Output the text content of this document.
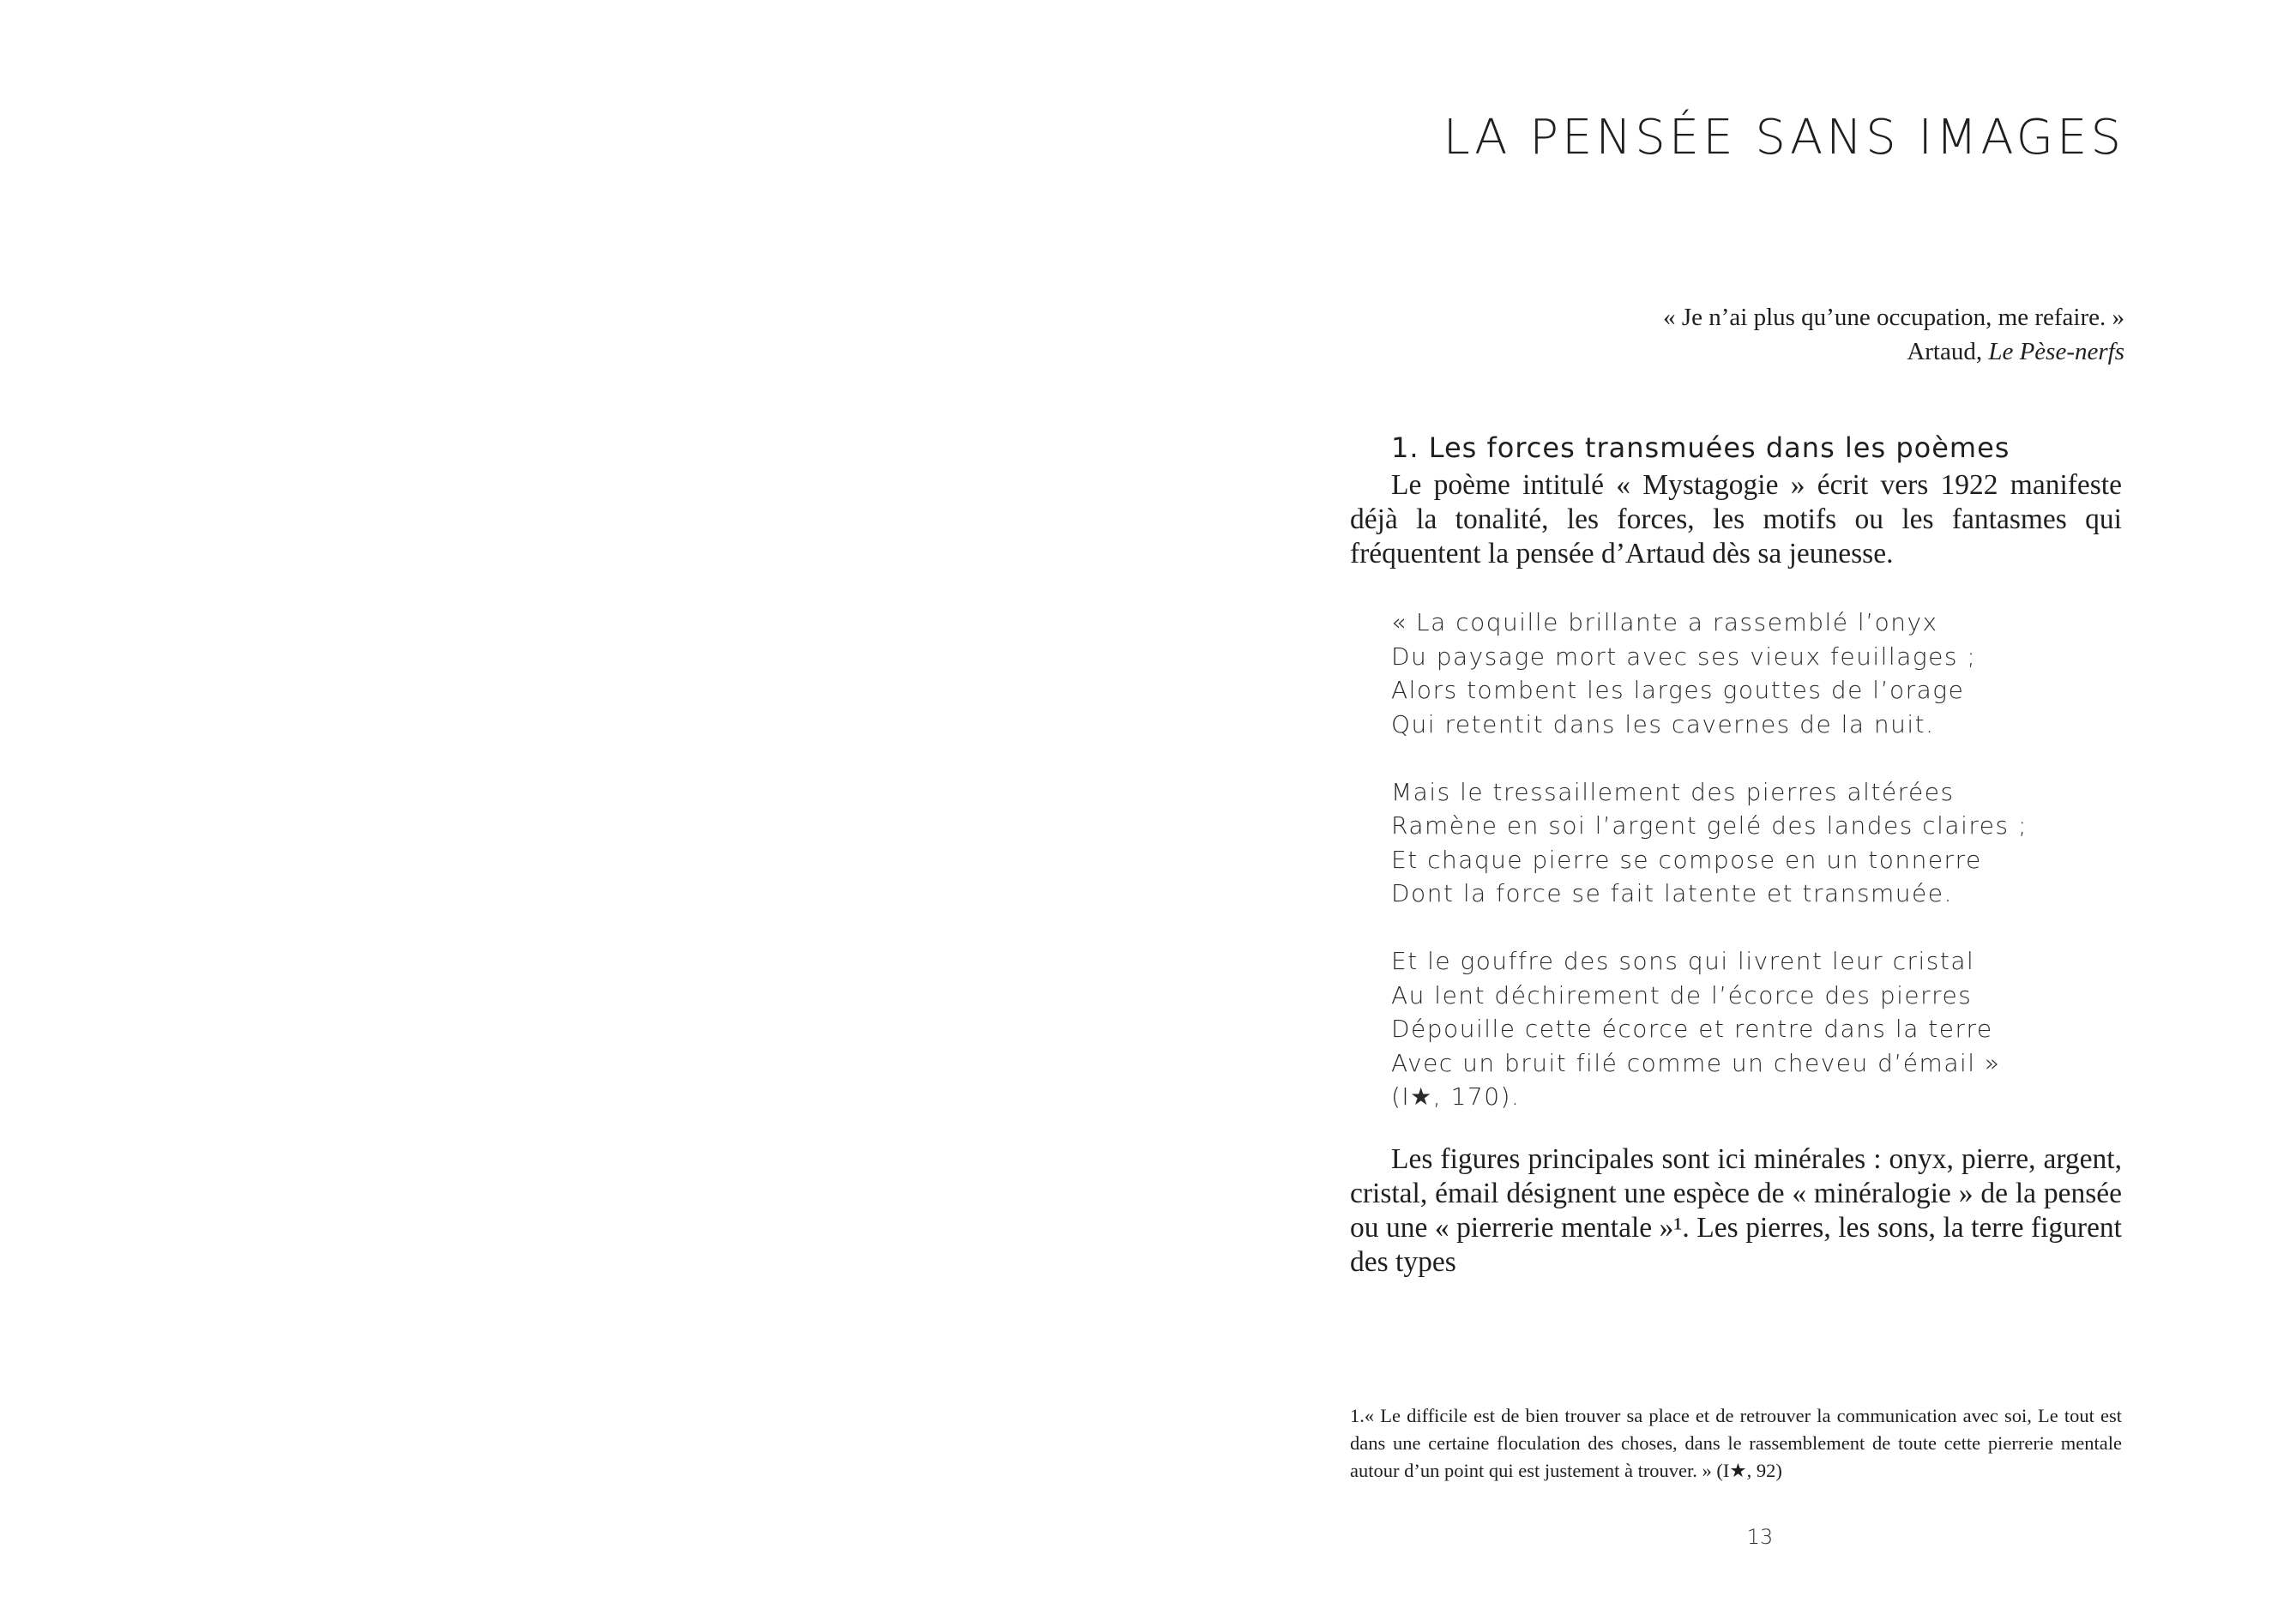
LA PENSÉE SANS IMAGES
« Je n’ai plus qu’une occupation, me refaire. »
Artaud, Le Pèse-nerfs
1. Les forces transmuées dans les poèmes

Le poème intitulé « Mystagogie » écrit vers 1922 manifeste déjà la tonalité, les forces, les motifs ou les fantasmes qui fréquentent la pensée d’Artaud dès sa jeunesse.

« La coquille brillante a rassemblé l’onyx
Du paysage mort avec ses vieux feuillages ;
Alors tombent les larges gouttes de l’orage
Qui retentit dans les cavernes de la nuit.
Mais le tressaillement des pierres altérées
Ramène en soi l’argent gelé des landes claires ;
Et chaque pierre se compose en un tonnerre
Dont la force se fait latente et transmuée.
Et le gouffre des sons qui livrent leur cristal
Au lent déchirement de l’écorce des pierres
Dépouille cette écorce et rentre dans la terre
Avec un bruit filé comme un cheveu d’émail »
(I★, 170).

Les figures principales sont ici minérales : onyx, pierre, argent, cristal, émail désignent une espèce de « minéralogie » de la pensée ou une « pierrerie mentale »¹. Les pierres, les sons, la terre figurent des types

1.« Le difficile est de bien trouver sa place et de retrouver la communication avec soi, Le tout est dans une certaine floculation des choses, dans le rassemblement de toute cette pierrerie mentale autour d’un point qui est justement à trouver. » (I★, 92)

13
